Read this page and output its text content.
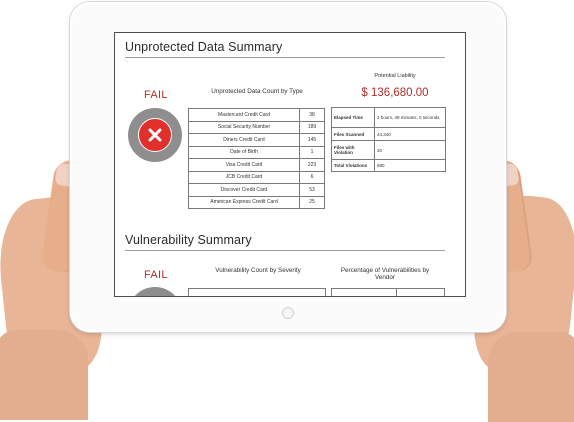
Unprotected Data Summary
FAIL	Unprotected Data Count by Type
Mastercard Credit Card	38
Social Security Number	189
Diners Credit Card	145
Date of Birth	1
Visa Credit Card	223
JCB Credit Card	6
Discover Credit Card	53
American Express Credit Card	25
Potential Liability
$ 136,680.00
Elapsed Time	2 hours, 49 minutes, 0 seconds
Files Scanned	44,340
Files with Violation	20
Total Violations	680
Vulnerability Summary
FAIL	Vulnerability Count by Severity	Percentage of Vulnerabilities by Vendor
